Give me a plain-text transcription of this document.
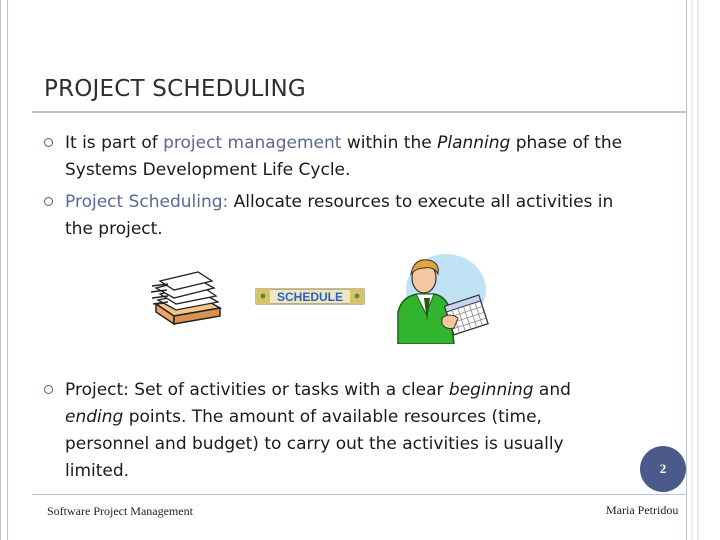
PROJECT SCHEDULING
It is part of project management within the Planning phase of the Systems Development Life Cycle.
Project Scheduling: Allocate resources to execute all activities in the project.
Project: Set of activities or tasks with a clear beginning and ending points. The amount of available resources (time, personnel and budget) to carry out the activities is usually limited.
SCHEDULE
2
Software Project Management	Maria Petridou
